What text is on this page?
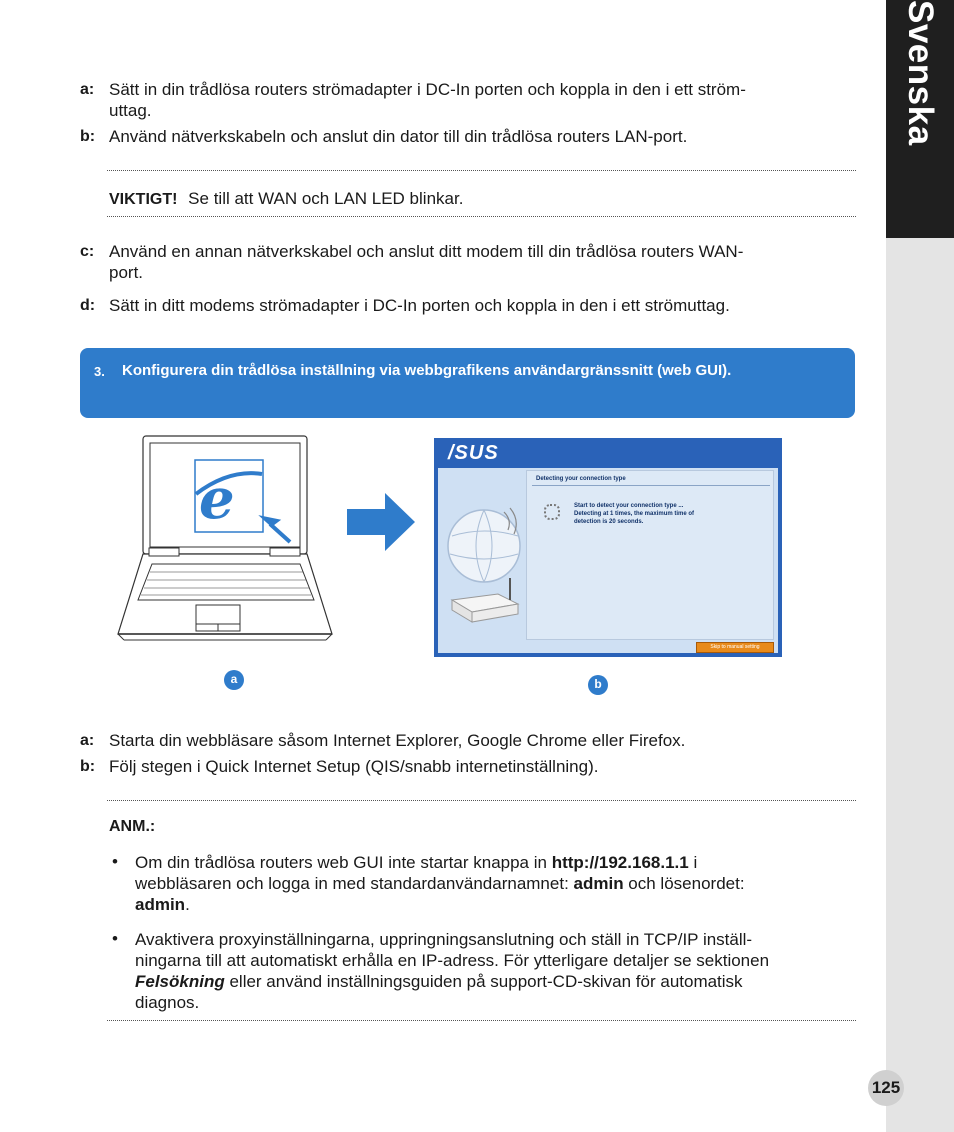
Svenska
125
a: Sätt in din trådlösa routers strömadapter i DC-In porten och koppla in den i ett ström-
uttag.
b: Använd nätverkskabeln och anslut din dator till din trådlösa routers LAN-port.
VIKTIGT! Se till att WAN och LAN LED blinkar.
c: Använd en annan nätverkskabel och anslut ditt modem till din trådlösa routers WAN-
port.
d: Sätt in ditt modems strömadapter i DC-In porten och koppla in den i ett strömuttag.
3. Konfigurera din trådlösa inställning via webbgrafikens användargränssnitt (web GUI).
e
/SUS
Detecting your connection type
Start to detect your connection type ...
Detecting at 1 times, the maximum time of
detection is 20 seconds.
Skip to manual setting
a	b
a: Starta din webbläsare såsom Internet Explorer, Google Chrome eller Firefox.
b: Följ stegen i Quick Internet Setup (QIS/snabb internetinställning).
ANM.:
• Om din trådlösa routers web GUI inte startar knappa in http://192.168.1.1 i
webbläsaren och logga in med standardanvändarnamnet: admin och lösenordet:
admin.
• Avaktivera proxyinställningarna, uppringningsanslutning och ställ in TCP/IP inställ-
ningarna till att automatiskt erhålla en IP-adress. För ytterligare detaljer se sektionen
Felsökning eller använd inställningsguiden på support-CD-skivan för automatisk
diagnos.
